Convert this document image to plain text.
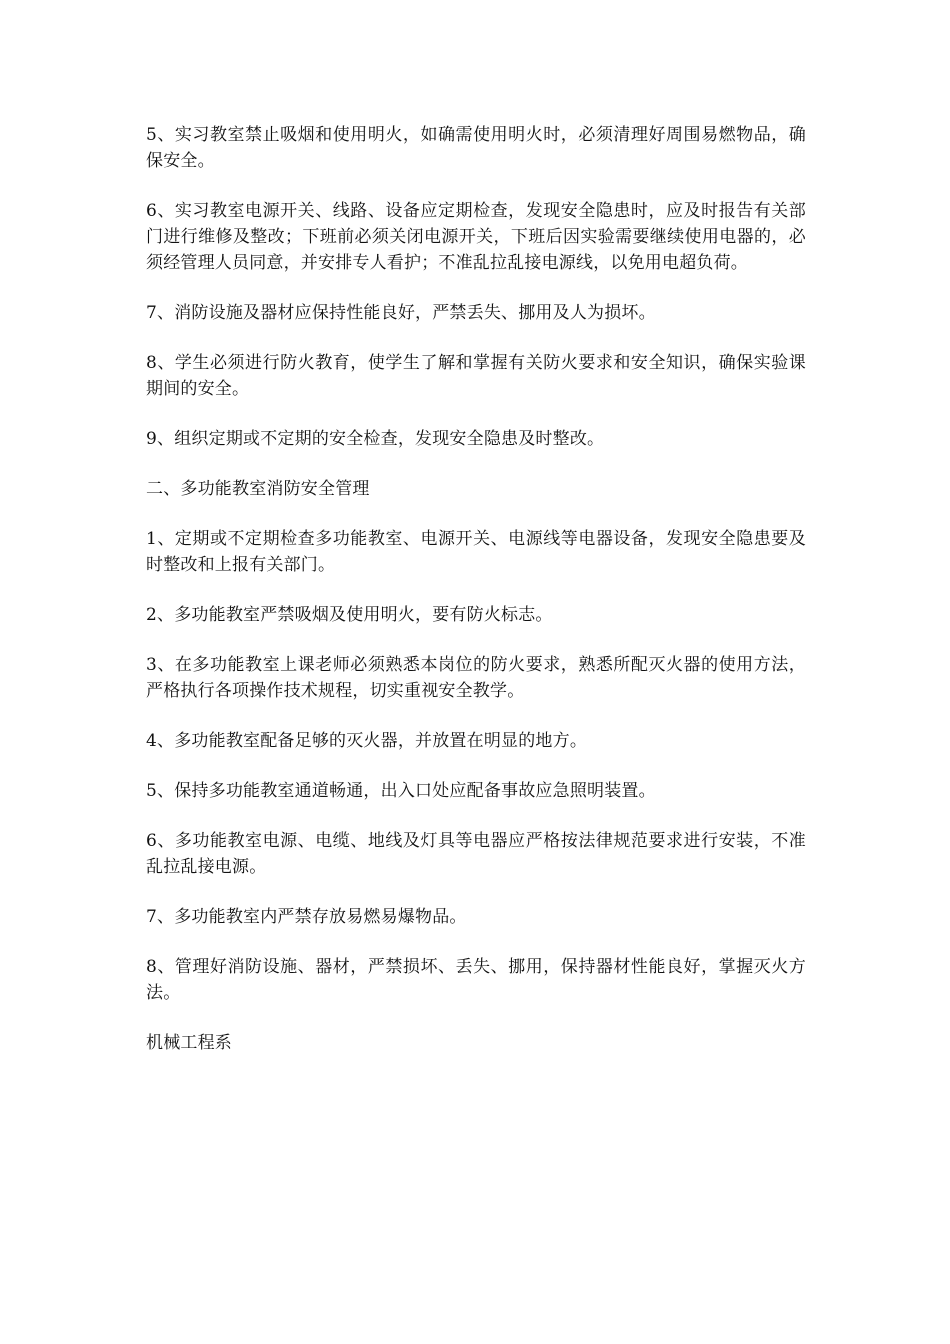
5、实习教室禁止吸烟和使用明火，如确需使用明火时，必须清理好周围易燃物品，确保安全。

6、实习教室电源开关、线路、设备应定期检查，发现安全隐患时，应及时报告有关部门进行维修及整改；下班前必须关闭电源开关，下班后因实验需要继续使用电器的，必须经管理人员同意，并安排专人看护；不准乱拉乱接电源线，以免用电超负荷。

7、消防设施及器材应保持性能良好，严禁丢失、挪用及人为损坏。

8、学生必须进行防火教育，使学生了解和掌握有关防火要求和安全知识，确保实验课期间的安全。

9、组织定期或不定期的安全检查，发现安全隐患及时整改。

二、多功能教室消防安全管理

1、定期或不定期检查多功能教室、电源开关、电源线等电器设备，发现安全隐患要及时整改和上报有关部门。

2、多功能教室严禁吸烟及使用明火，要有防火标志。

3、在多功能教室上课老师必须熟悉本岗位的防火要求，熟悉所配灭火器的使用方法，严格执行各项操作技术规程，切实重视安全教学。

4、多功能教室配备足够的灭火器，并放置在明显的地方。

5、保持多功能教室通道畅通，出入口处应配备事故应急照明装置。

6、多功能教室电源、电缆、地线及灯具等电器应严格按法律规范要求进行安装，不准乱拉乱接电源。

7、多功能教室内严禁存放易燃易爆物品。

8、管理好消防设施、器材，严禁损坏、丢失、挪用，保持器材性能良好，掌握灭火方法。

机械工程系
